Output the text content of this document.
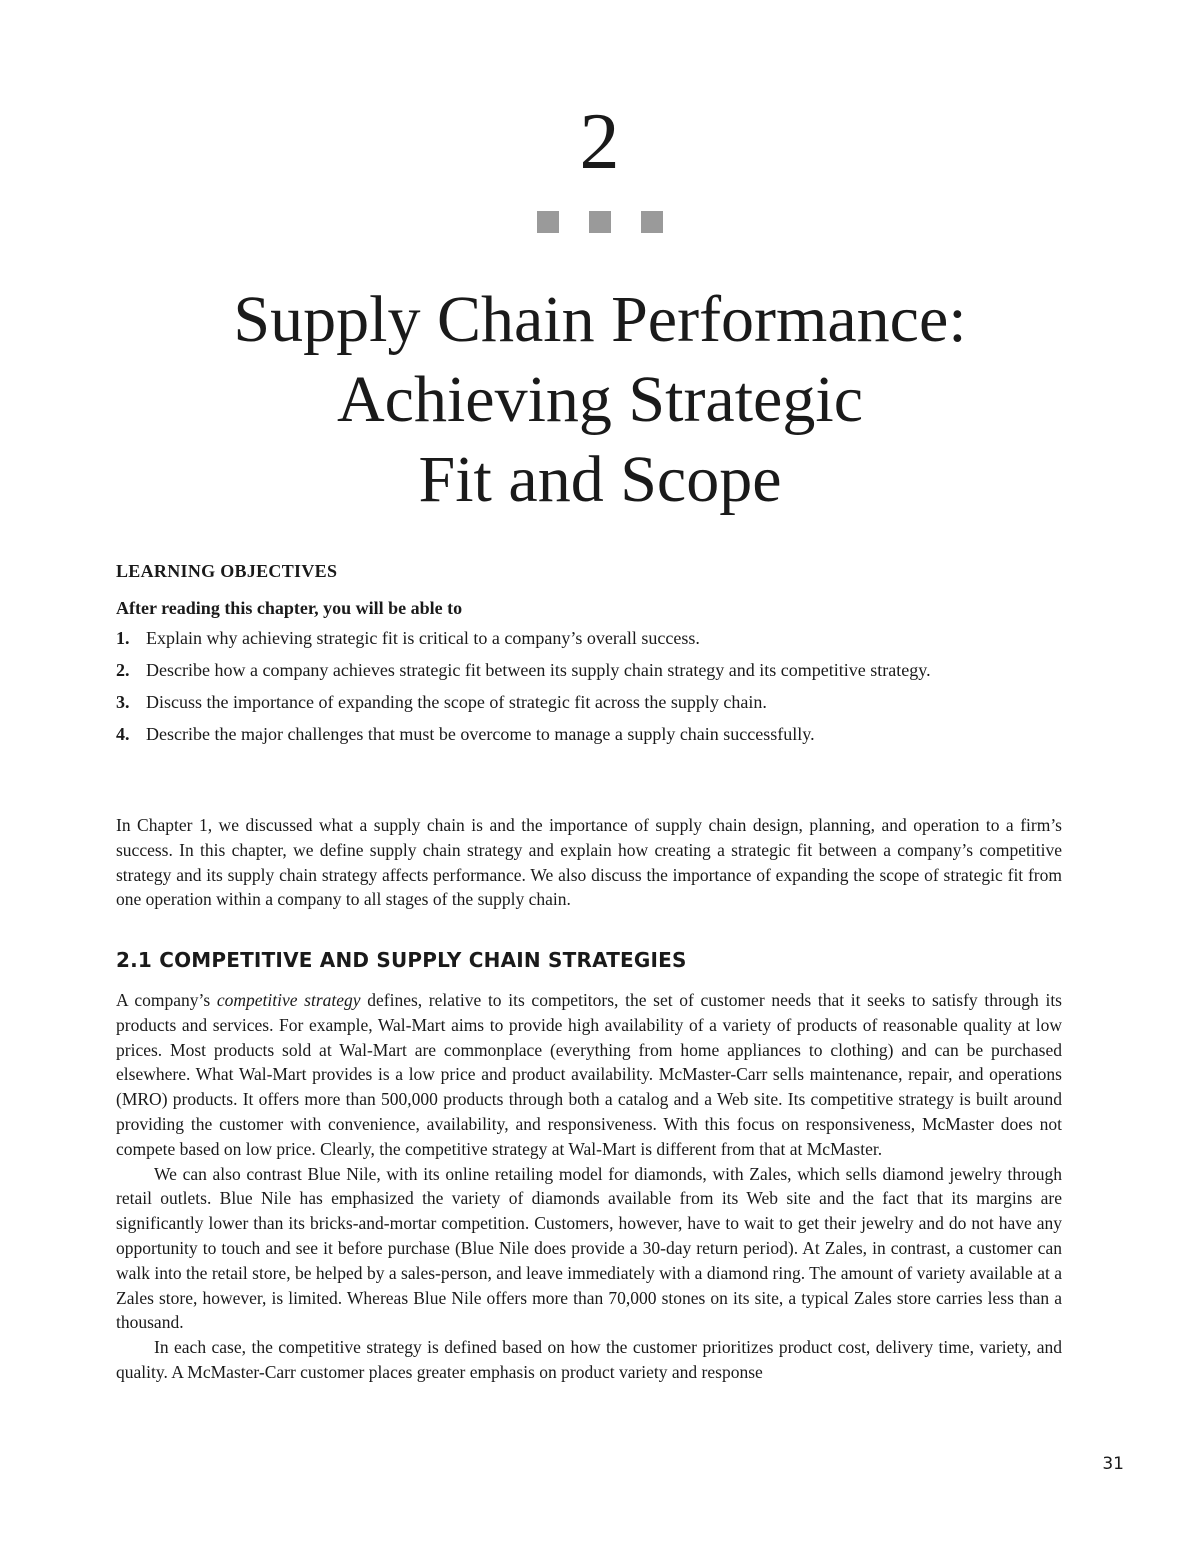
2
Supply Chain Performance:
Achieving Strategic
Fit and Scope
LEARNING OBJECTIVES

After reading this chapter, you will be able to

1. Explain why achieving strategic fit is critical to a company’s overall success.
2. Describe how a company achieves strategic fit between its supply chain strategy and its competitive strategy.
3. Discuss the importance of expanding the scope of strategic fit across the supply chain.
4. Describe the major challenges that must be overcome to manage a supply chain successfully.

In Chapter 1, we discussed what a supply chain is and the importance of supply chain design, planning, and operation to a firm’s success. In this chapter, we define supply chain strategy and explain how creating a strategic fit between a company’s competitive strategy and its supply chain strategy affects performance. We also discuss the importance of expanding the scope of strategic fit from one operation within a company to all stages of the supply chain.

2.1 COMPETITIVE AND SUPPLY CHAIN STRATEGIES

A company’s competitive strategy defines, relative to its competitors, the set of customer needs that it seeks to satisfy through its products and services. For example, Wal-Mart aims to provide high availability of a variety of products of reasonable quality at low prices. Most products sold at Wal-Mart are commonplace (everything from home appliances to clothing) and can be purchased elsewhere. What Wal-Mart provides is a low price and product availability. McMaster-Carr sells maintenance, repair, and operations (MRO) products. It offers more than 500,000 products through both a catalog and a Web site. Its competitive strategy is built around providing the customer with convenience, availability, and responsiveness. With this focus on responsiveness, McMaster does not compete based on low price. Clearly, the competitive strategy at Wal-Mart is different from that at McMaster.

We can also contrast Blue Nile, with its online retailing model for diamonds, with Zales, which sells diamond jewelry through retail outlets. Blue Nile has emphasized the variety of diamonds available from its Web site and the fact that its margins are significantly lower than its bricks-and-mortar competition. Customers, however, have to wait to get their jewelry and do not have any opportunity to touch and see it before purchase (Blue Nile does provide a 30-day return period). At Zales, in contrast, a customer can walk into the retail store, be helped by a sales-person, and leave immediately with a diamond ring. The amount of variety available at a Zales store, however, is limited. Whereas Blue Nile offers more than 70,000 stones on its site, a typical Zales store carries less than a thousand.

In each case, the competitive strategy is defined based on how the customer prioritizes product cost, delivery time, variety, and quality. A McMaster-Carr customer places greater emphasis on product variety and response

31
